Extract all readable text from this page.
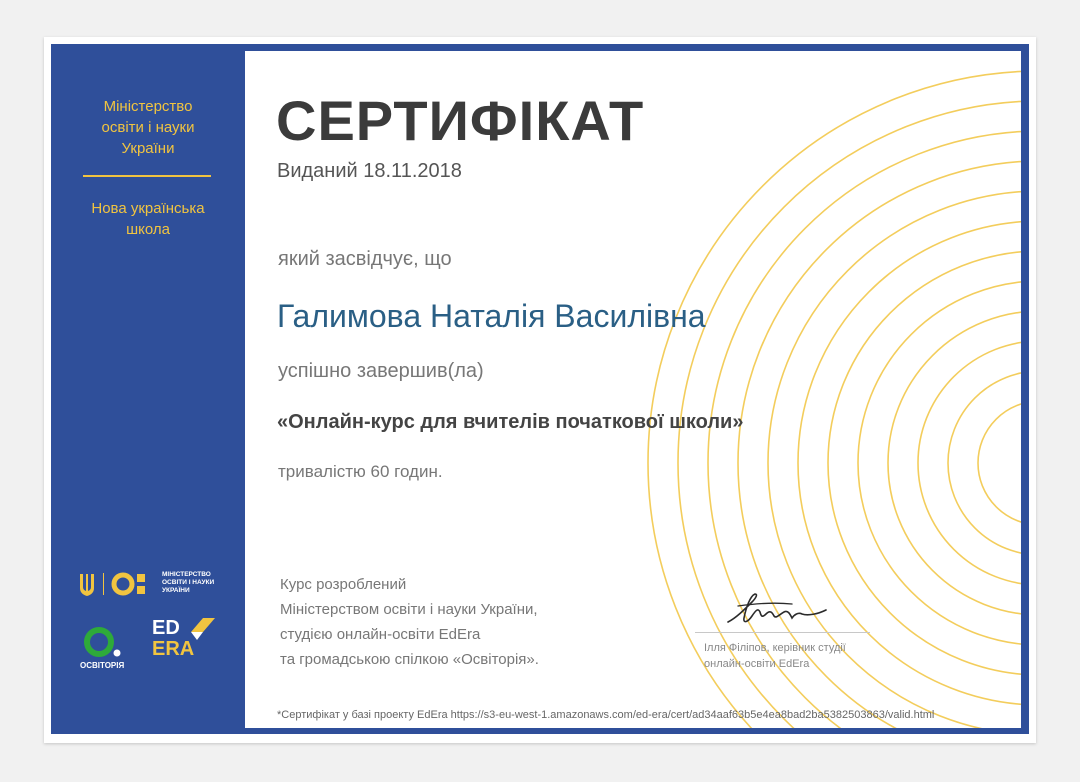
Міністерство
освіти і науки
України
Нова українська
школа
МІНІСТЕРСТВО
ОСВІТИ І НАУКИ
УКРАЇНИ
ОСВІТОРІЯ
ED
ERA
СЕРТИФІКАТ
Виданий 18.11.2018
який засвідчує, що
Галимова Наталія Василівна
успішно завершив(ла)
«Онлайн-курс для вчителів початкової школи»
тривалістю 60 годин.
Курс розроблений
Міністерством освіти і науки України,
студією онлайн-освіти EdEra
та громадською спілкою «Освіторія».
Ілля Філіпов, керівник студії
онлайн-освіти EdEra
*Сертифікат у базі проекту EdEra https://s3-eu-west-1.amazonaws.com/ed-era/cert/ad34aaf63b5e4ea8bad2ba5382503863/valid.html
